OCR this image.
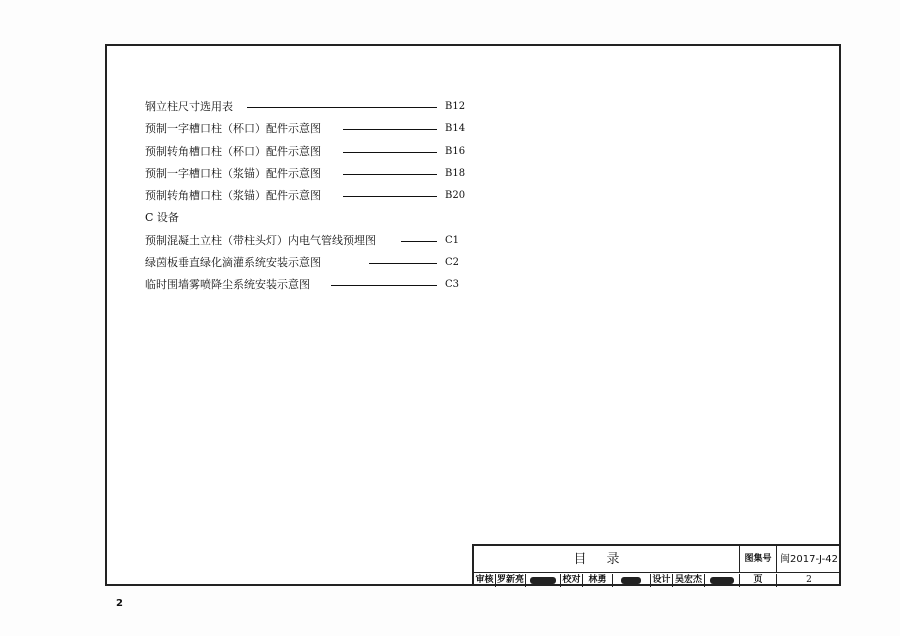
钢立柱尺寸选用表	B12
预制一字槽口柱（杯口）配件示意图	B14
预制转角槽口柱（杯口）配件示意图	B16
预制一字槽口柱（浆锚）配件示意图	B18
预制转角槽口柱（浆锚）配件示意图	B20
C 设备
预制混凝土立柱（带柱头灯）内电气管线预埋图	C1
绿茵板垂直绿化滴灌系统安装示意图	C2
临时围墙雾喷降尘系统安装示意图	C3
目录	图集号 闽2017-J-42
审核 罗新亮	校对 林勇	设计 吴宏杰	页	2
2
